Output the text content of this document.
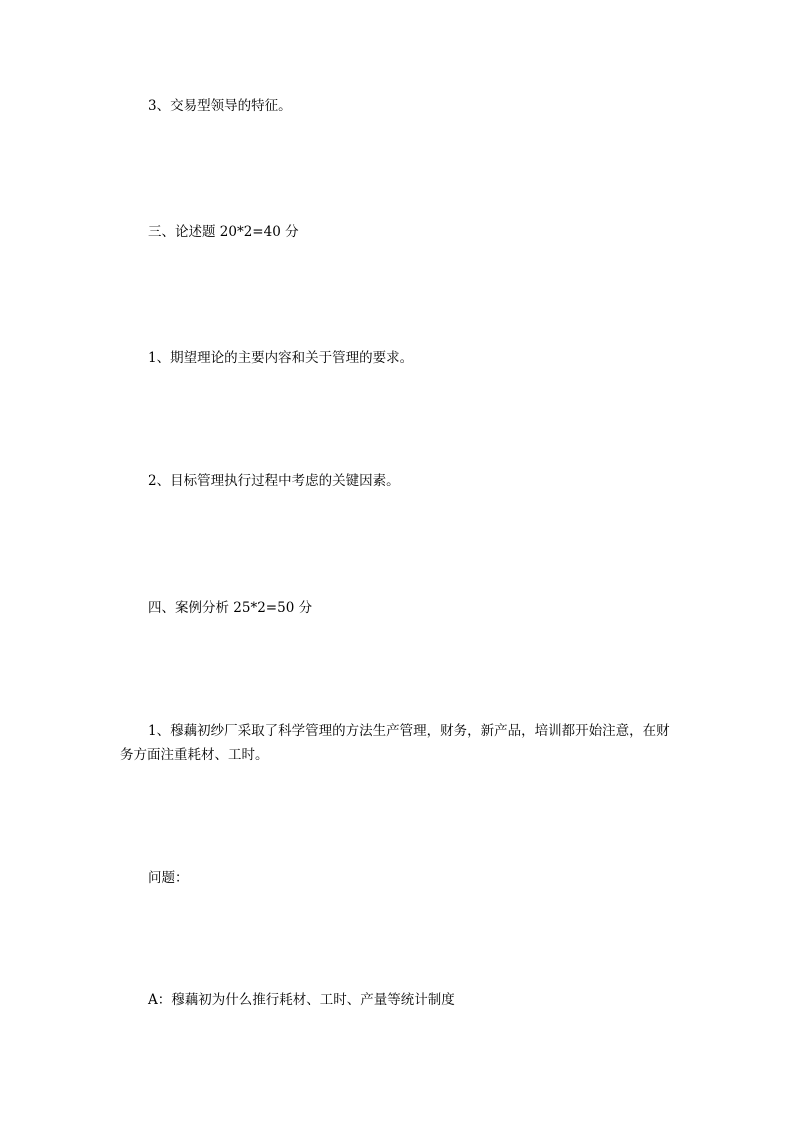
3、交易型领导的特征。
三、论述题 20*2=40 分
1、期望理论的主要内容和关于管理的要求。
2、目标管理执行过程中考虑的关键因素。
四、案例分析 25*2=50 分
1、穆藕初纱厂采取了科学管理的方法生产管理，财务，新产品，培训都开始注意，在财务方面注重耗材、工时。
问题：
A：穆藕初为什么推行耗材、工时、产量等统计制度
